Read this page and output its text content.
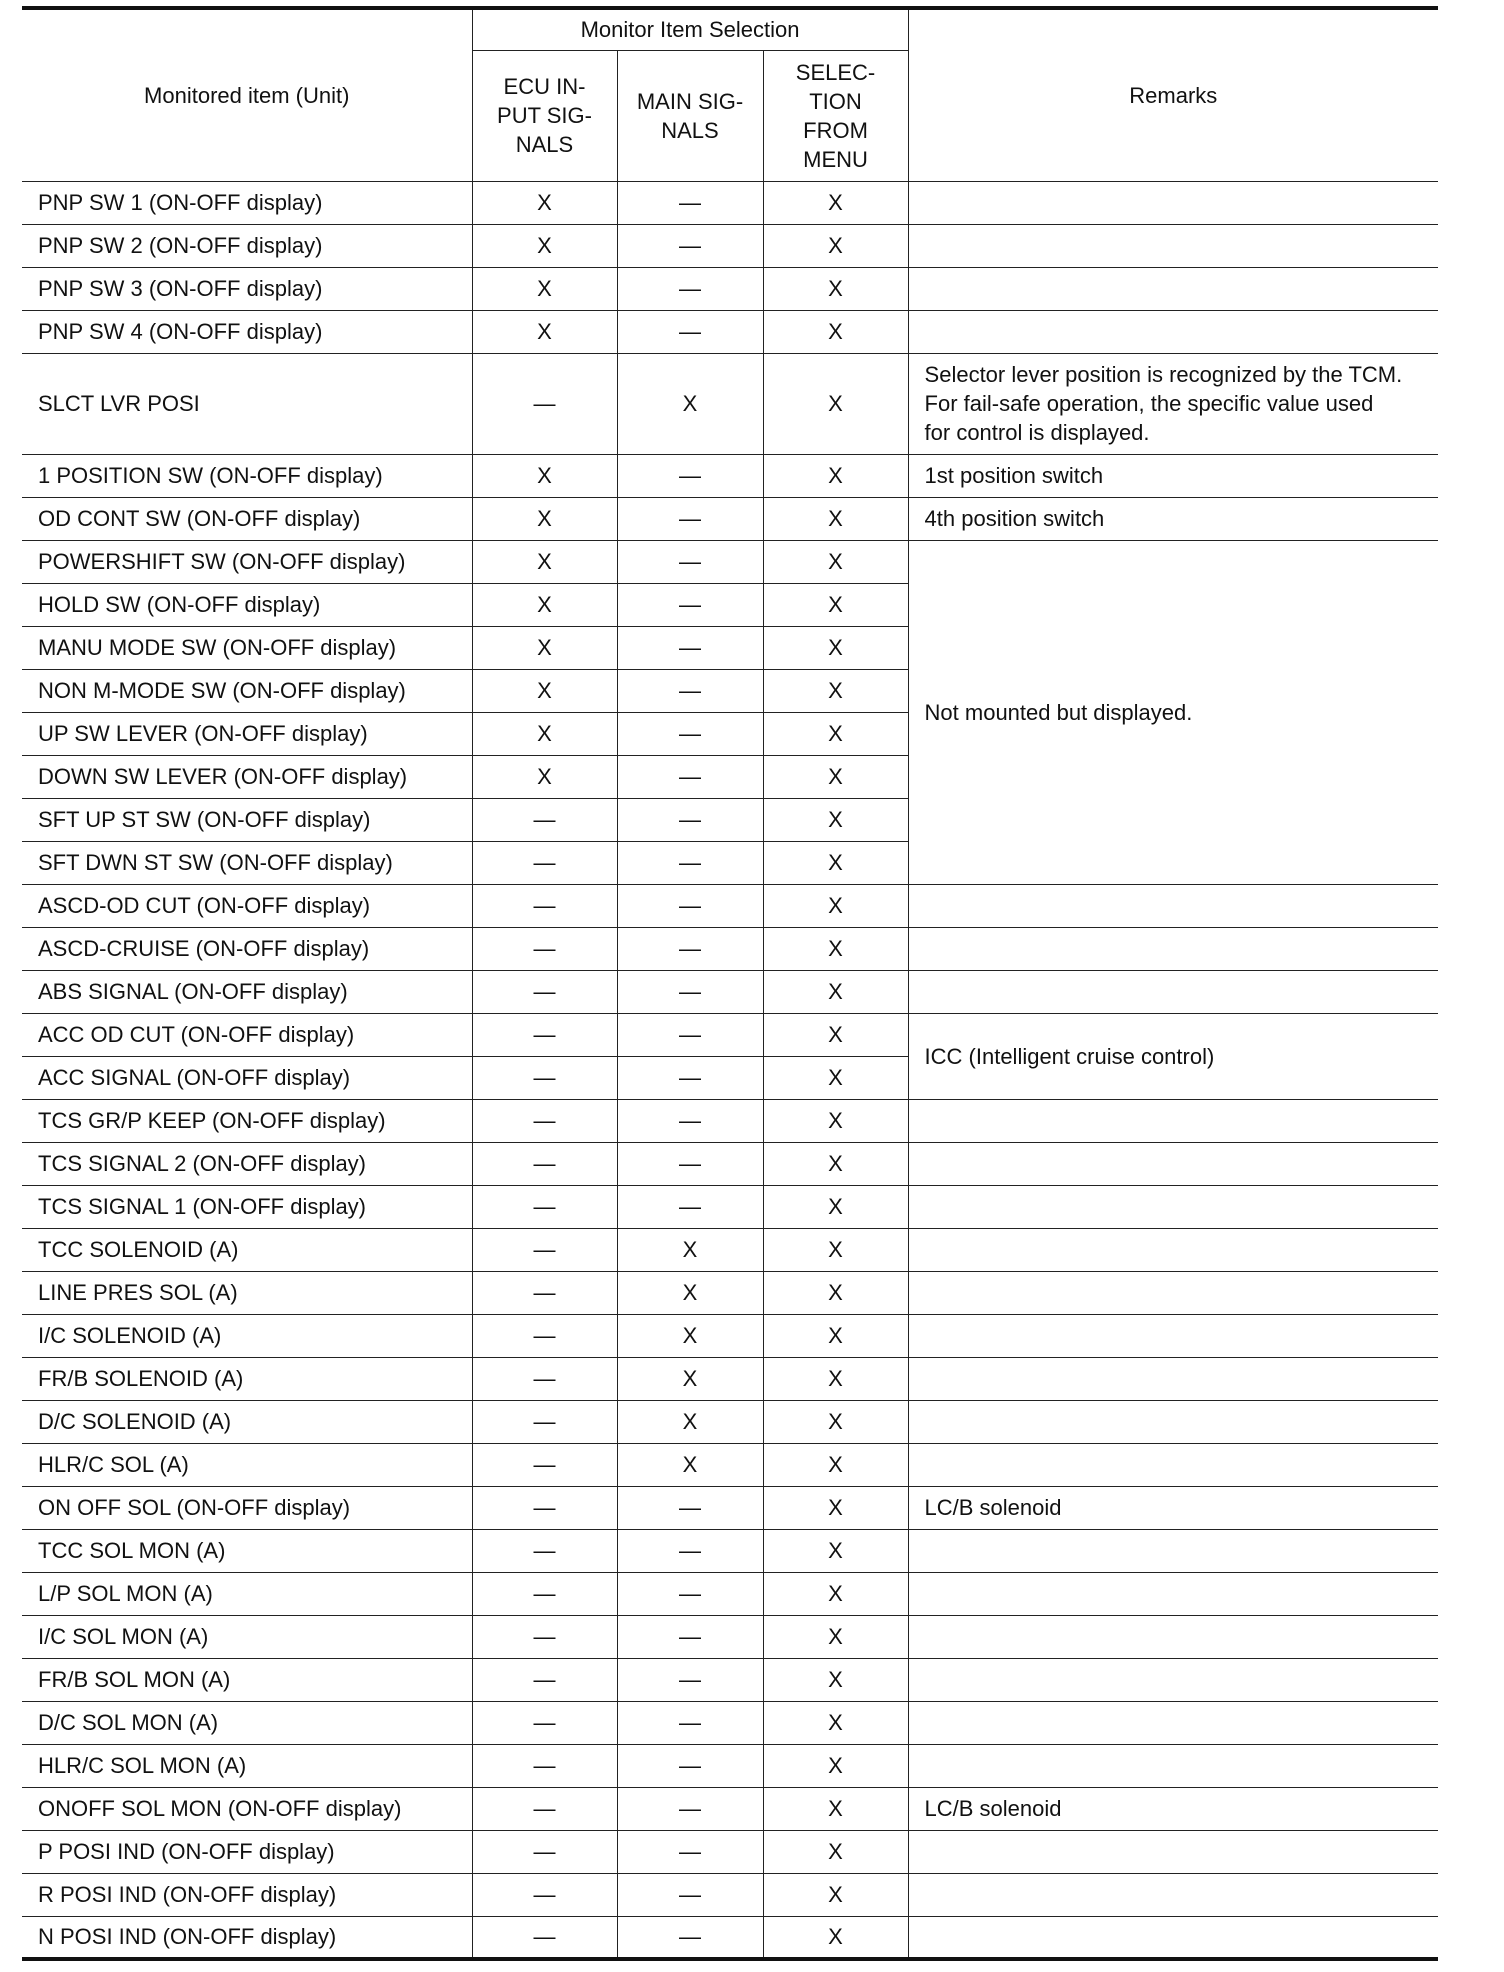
Monitored item (Unit)	Monitor Item Selection			Remarks

	ECU IN-
PUT SIG-
NALS	MAIN SIG-
NALS	SELEC-
TION
FROM
MENU	

PNP SW 1 (ON-OFF display)	X	—	X	
PNP SW 2 (ON-OFF display)	X	—	X	
PNP SW 3 (ON-OFF display)	X	—	X	
PNP SW 4 (ON-OFF display)	X	—	X	
SLCT LVR POSI	—	X	X	Selector lever position is recognized by the TCM.
For fail-safe operation, the specific value used
for control is displayed.

1 POSITION SW (ON-OFF display)	X	—	X	1st position switch

OD CONT SW (ON-OFF display)	X	—	X	4th position switch

POWERSHIFT SW (ON-OFF display)	X	—	X	Not mounted but displayed.

HOLD SW (ON-OFF display)	X	—	X	
MANU MODE SW (ON-OFF display)	X	—	X	
NON M-MODE SW (ON-OFF display)	X	—	X	
UP SW LEVER (ON-OFF display)	X	—	X	
DOWN SW LEVER (ON-OFF display)	X	—	X	
SFT UP ST SW (ON-OFF display)	—	—	X	
SFT DWN ST SW (ON-OFF display)	—	—	X	
ASCD-OD CUT (ON-OFF display)	—	—	X	
ASCD-CRUISE (ON-OFF display)	—	—	X	
ABS SIGNAL (ON-OFF display)	—	—	X	
ACC OD CUT (ON-OFF display)	—	—	X	ICC (Intelligent cruise control)

ACC SIGNAL (ON-OFF display)	—	—	X	
TCS GR/P KEEP (ON-OFF display)	—	—	X	
TCS SIGNAL 2 (ON-OFF display)	—	—	X	
TCS SIGNAL 1 (ON-OFF display)	—	—	X	
TCC SOLENOID (A)	—	X	X	
LINE PRES SOL (A)	—	X	X	
I/C SOLENOID (A)	—	X	X	
FR/B SOLENOID (A)	—	X	X	
D/C SOLENOID (A)	—	X	X	
HLR/C SOL (A)	—	X	X	
ON OFF SOL (ON-OFF display)	—	—	X	LC/B solenoid

TCC SOL MON (A)	—	—	X	
L/P SOL MON (A)	—	—	X	
I/C SOL MON (A)	—	—	X	
FR/B SOL MON (A)	—	—	X	
D/C SOL MON (A)	—	—	X	
HLR/C SOL MON (A)	—	—	X	
ONOFF SOL MON (ON-OFF display)	—	—	X	LC/B solenoid

P POSI IND (ON-OFF display)	—	—	X	
R POSI IND (ON-OFF display)	—	—	X	
N POSI IND (ON-OFF display)	—	—	X	
